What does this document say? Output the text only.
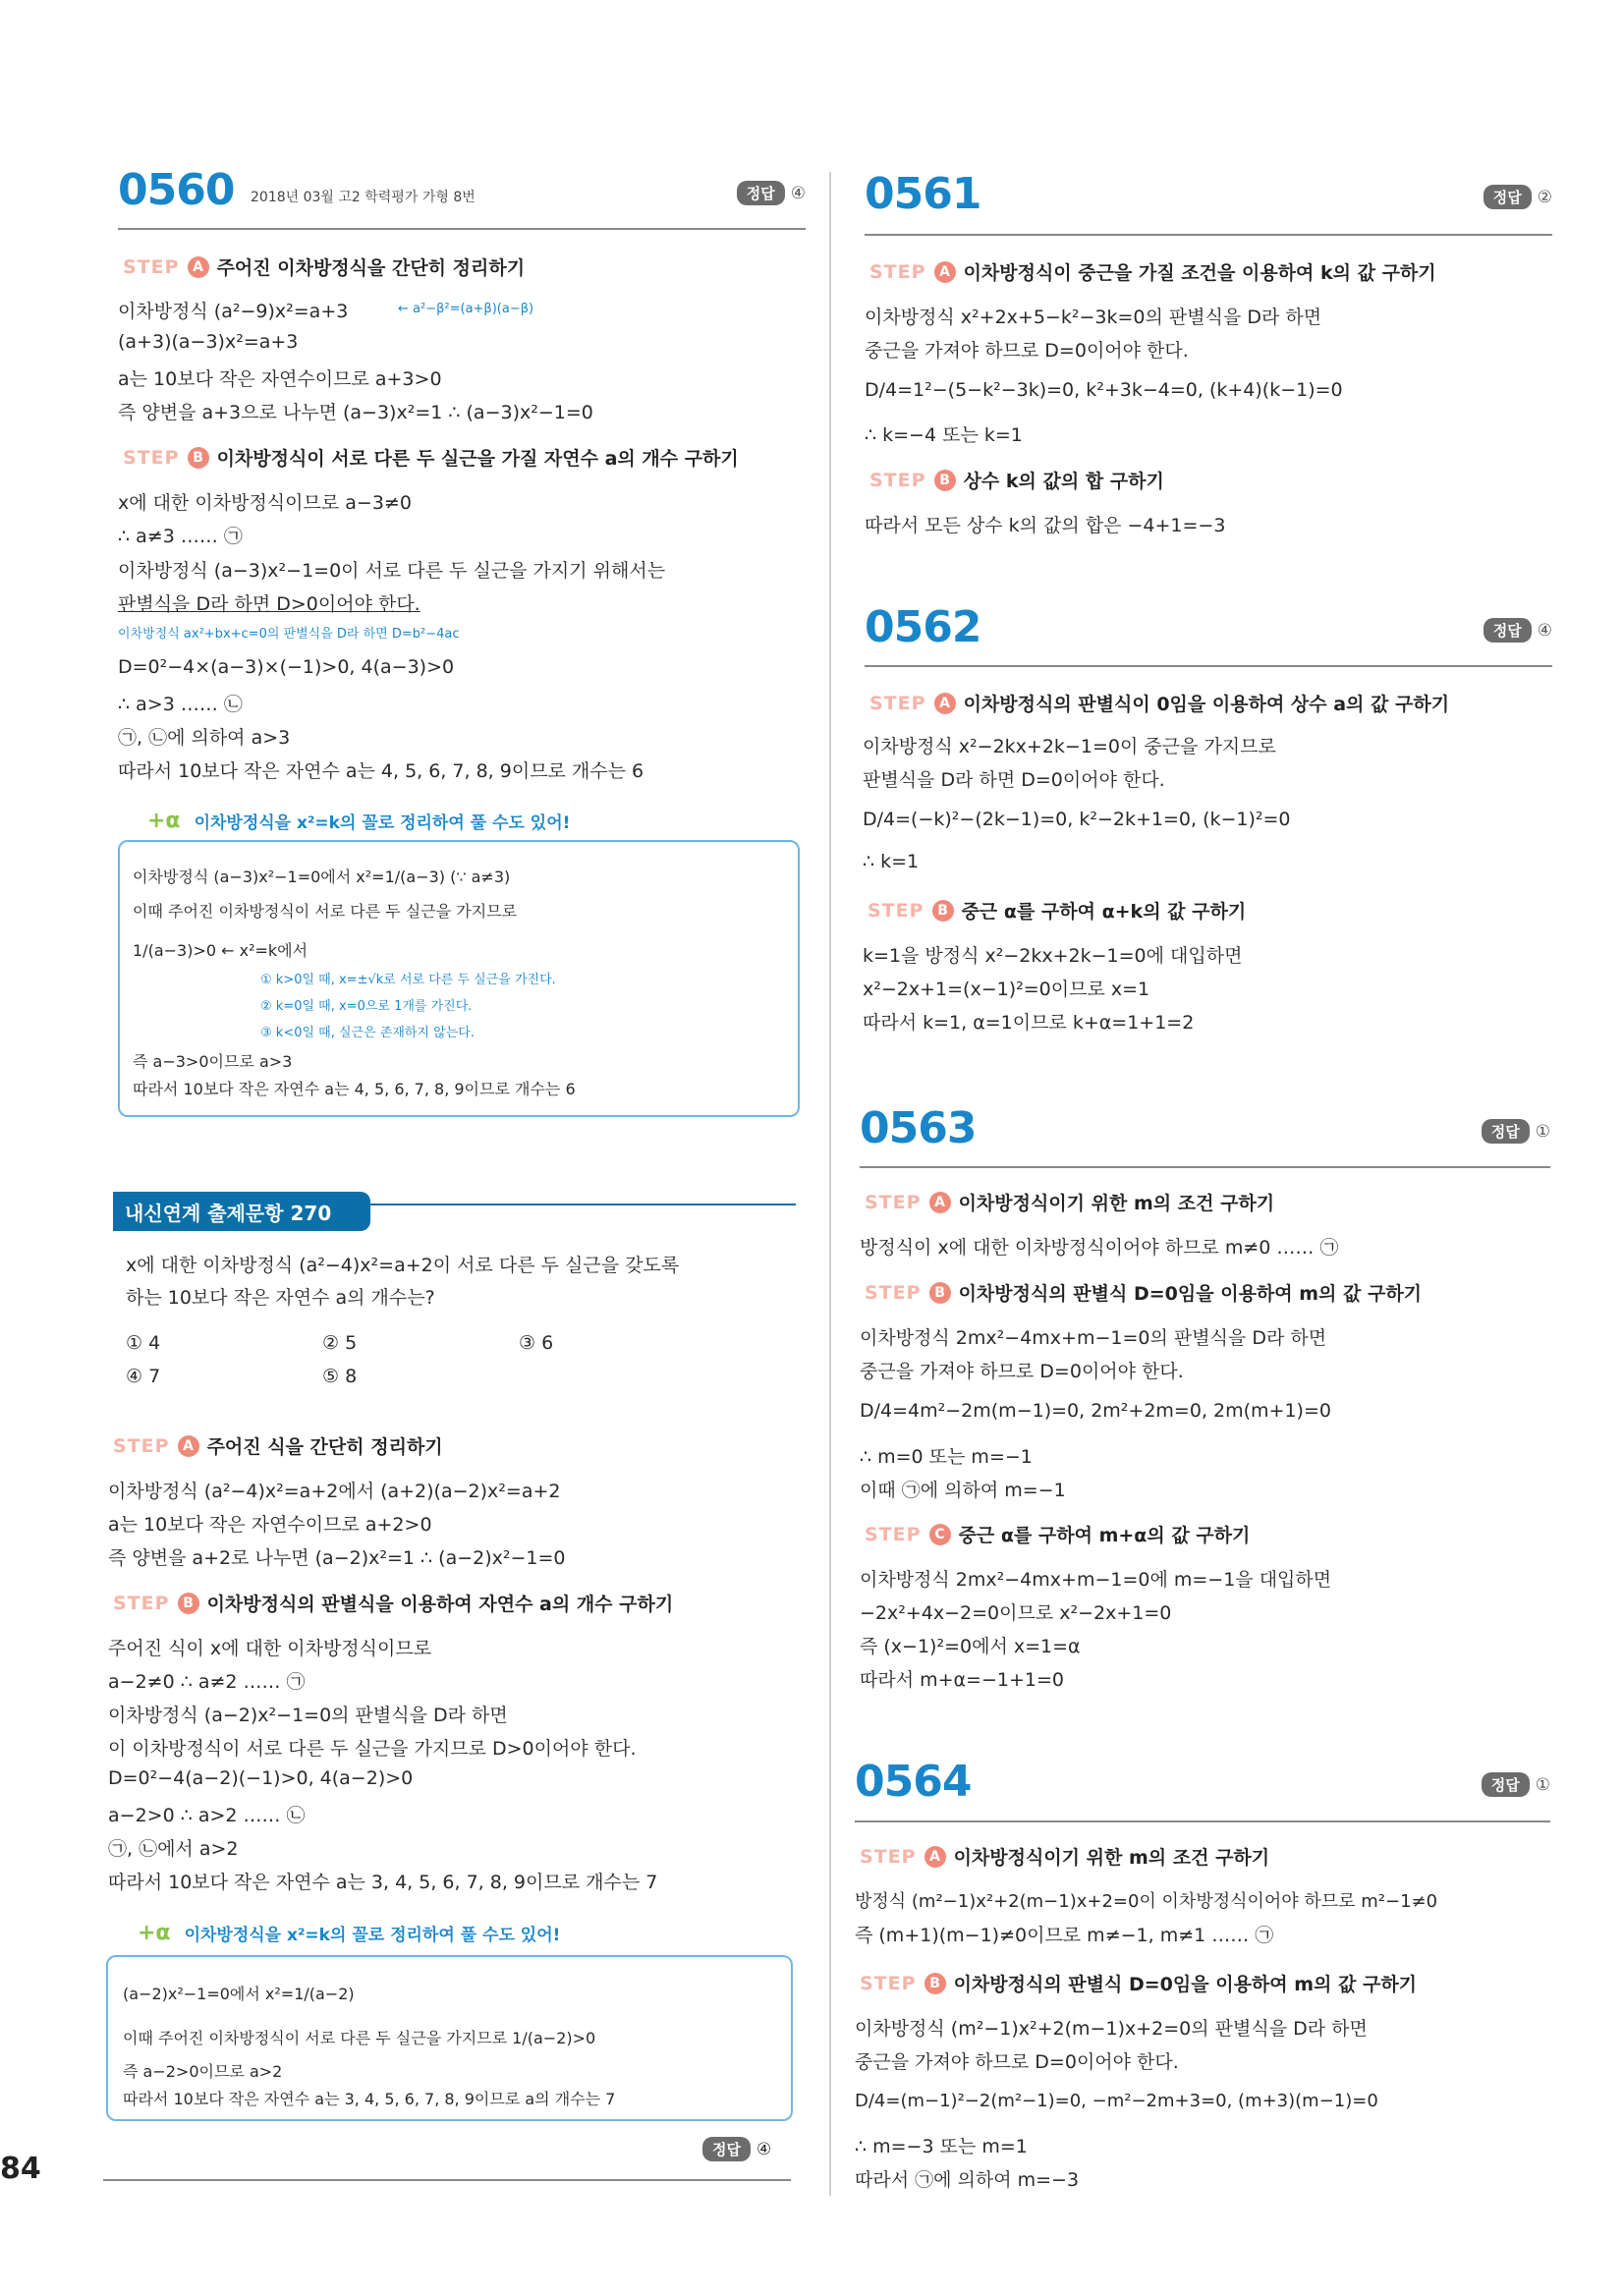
84
0560 2018년 03월 고2 학력평가 가형 8번	정답 ④
STEP A 주어진 이차방정식을 간단히 정리하기
이차방정식 (a²−9)x²=a+3	← a²−β²=(a+β)(a−β)
(a+3)(a−3)x²=a+3
a는 10보다 작은 자연수이므로 a+3>0
즉 양변을 a+3으로 나누면 (a−3)x²=1 ∴ (a−3)x²−1=0
STEP B 이차방정식이 서로 다른 두 실근을 가질 자연수 a의 개수 구하기
x에 대한 이차방정식이므로 a−3≠0
∴ a≠3 …… ㉠
이차방정식 (a−3)x²−1=0이 서로 다른 두 실근을 가지기 위해서는
판별식을 D라 하면 D>0이어야 한다.
이차방정식 ax²+bx+c=0의 판별식을 D라 하면 D=b²−4ac
D=0²−4×(a−3)×(−1)>0, 4(a−3)>0
∴ a>3 …… ㉡
㉠, ㉡에 의하여 a>3
따라서 10보다 작은 자연수 a는 4, 5, 6, 7, 8, 9이므로 개수는 6
+α 이차방정식을 x²=k의 꼴로 정리하여 풀 수도 있어!
이차방정식 (a−3)x²−1=0에서 x²=1/(a−3) (∵ a≠3)
이때 주어진 이차방정식이 서로 다른 두 실근을 가지므로
1/(a−3)>0 ← x²=k에서
① k>0일 때, x=±√k로 서로 다른 두 실근을 가진다.
② k=0일 때, x=0으로 1개를 가진다.
③ k<0일 때, 실근은 존재하지 않는다.
즉 a−3>0이므로 a>3
따라서 10보다 작은 자연수 a는 4, 5, 6, 7, 8, 9이므로 개수는 6
내신연계 출제문항 270
x에 대한 이차방정식 (a²−4)x²=a+2이 서로 다른 두 실근을 갖도록
하는 10보다 작은 자연수 a의 개수는?
① 4	② 5	③ 6
④ 7	⑤ 8
STEP A 주어진 식을 간단히 정리하기
이차방정식 (a²−4)x²=a+2에서 (a+2)(a−2)x²=a+2
a는 10보다 작은 자연수이므로 a+2>0
즉 양변을 a+2로 나누면 (a−2)x²=1 ∴ (a−2)x²−1=0
STEP B 이차방정식의 판별식을 이용하여 자연수 a의 개수 구하기
주어진 식이 x에 대한 이차방정식이므로
a−2≠0 ∴ a≠2 …… ㉠
이차방정식 (a−2)x²−1=0의 판별식을 D라 하면
이 이차방정식이 서로 다른 두 실근을 가지므로 D>0이어야 한다.
D=0²−4(a−2)(−1)>0, 4(a−2)>0
a−2>0 ∴ a>2 …… ㉡
㉠, ㉡에서 a>2
따라서 10보다 작은 자연수 a는 3, 4, 5, 6, 7, 8, 9이므로 개수는 7
+α 이차방정식을 x²=k의 꼴로 정리하여 풀 수도 있어!
(a−2)x²−1=0에서 x²=1/(a−2)
이때 주어진 이차방정식이 서로 다른 두 실근을 가지므로 1/(a−2)>0
즉 a−2>0이므로 a>2
따라서 10보다 작은 자연수 a는 3, 4, 5, 6, 7, 8, 9이므로 a의 개수는 7
정답 ④
0561	정답 ②
STEP A 이차방정식이 중근을 가질 조건을 이용하여 k의 값 구하기
이차방정식 x²+2x+5−k²−3k=0의 판별식을 D라 하면
중근을 가져야 하므로 D=0이어야 한다.
D/4=1²−(5−k²−3k)=0, k²+3k−4=0, (k+4)(k−1)=0
∴ k=−4 또는 k=1
STEP B 상수 k의 값의 합 구하기
따라서 모든 상수 k의 값의 합은 −4+1=−3
0562	정답 ④
STEP A 이차방정식의 판별식이 0임을 이용하여 상수 a의 값 구하기
이차방정식 x²−2kx+2k−1=0이 중근을 가지므로
판별식을 D라 하면 D=0이어야 한다.
D/4=(−k)²−(2k−1)=0, k²−2k+1=0, (k−1)²=0
∴ k=1
STEP B 중근 α를 구하여 α+k의 값 구하기
k=1을 방정식 x²−2kx+2k−1=0에 대입하면
x²−2x+1=(x−1)²=0이므로 x=1
따라서 k=1, α=1이므로 k+α=1+1=2
0563	정답 ①
STEP A 이차방정식이기 위한 m의 조건 구하기
방정식이 x에 대한 이차방정식이어야 하므로 m≠0 …… ㉠
STEP B 이차방정식의 판별식 D=0임을 이용하여 m의 값 구하기
이차방정식 2mx²−4mx+m−1=0의 판별식을 D라 하면
중근을 가져야 하므로 D=0이어야 한다.
D/4=4m²−2m(m−1)=0, 2m²+2m=0, 2m(m+1)=0
∴ m=0 또는 m=−1
이때 ㉠에 의하여 m=−1
STEP C 중근 α를 구하여 m+α의 값 구하기
이차방정식 2mx²−4mx+m−1=0에 m=−1을 대입하면
−2x²+4x−2=0이므로 x²−2x+1=0
즉 (x−1)²=0에서 x=1=α
따라서 m+α=−1+1=0
0564	정답 ①
STEP A 이차방정식이기 위한 m의 조건 구하기
방정식 (m²−1)x²+2(m−1)x+2=0이 이차방정식이어야 하므로 m²−1≠0
즉 (m+1)(m−1)≠0이므로 m≠−1, m≠1 …… ㉠
STEP B 이차방정식의 판별식 D=0임을 이용하여 m의 값 구하기
이차방정식 (m²−1)x²+2(m−1)x+2=0의 판별식을 D라 하면
중근을 가져야 하므로 D=0이어야 한다.
D/4=(m−1)²−2(m²−1)=0, −m²−2m+3=0, (m+3)(m−1)=0
∴ m=−3 또는 m=1
따라서 ㉠에 의하여 m=−3
